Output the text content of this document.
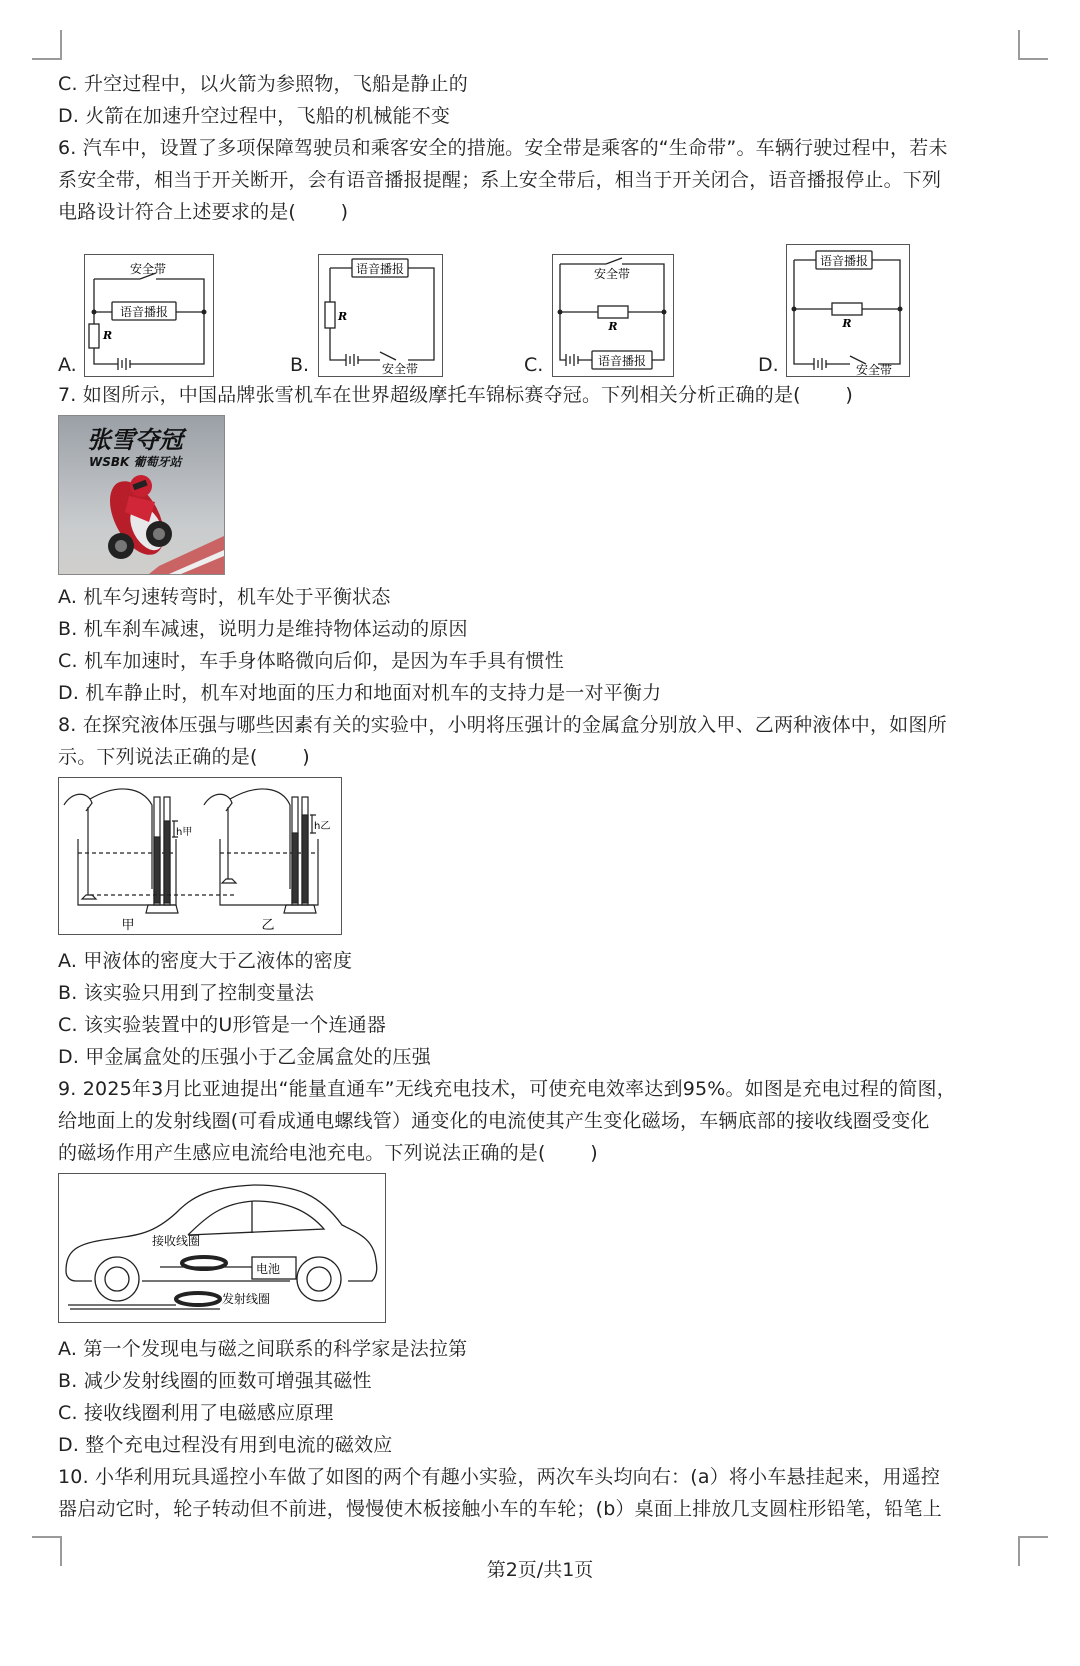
C. 升空过程中，以火箭为参照物，飞船是静止的
D. 火箭在加速升空过程中，飞船的机械能不变
6. 汽车中，设置了多项保障驾驶员和乘客安全的措施。安全带是乘客的“生命带”。车辆行驶过程中，若未
系安全带，相当于开关断开，会有语音播报提醒；系上安全带后，相当于开关闭合，语音播报停止。下列
电路设计符合上述要求的是(　　 )
A.
安全带
语音播报
R
B.
语音播报
R
安全带	C.
安全带
R
语音播报	D.
语音播报
R
安全带
7. 如图所示，中国品牌张雪机车在世界超级摩托车锦标赛夺冠。下列相关分析正确的是(　　 )
张雪夺冠
WSBK 葡萄牙站
A. 机车匀速转弯时，机车处于平衡状态
B. 机车刹车减速，说明力是维持物体运动的原因
C. 机车加速时，车手身体略微向后仰，是因为车手具有惯性
D. 机车静止时，机车对地面的压力和地面对机车的支持力是一对平衡力
8. 在探究液体压强与哪些因素有关的实验中，小明将压强计的金属盒分别放入甲、乙两种液体中，如图所
示。下列说法正确的是(　　 )
h甲
h乙
甲	乙
A. 甲液体的密度大于乙液体的密度
B. 该实验只用到了控制变量法
C. 该实验装置中的U形管是一个连通器
D. 甲金属盒处的压强小于乙金属盒处的压强
9. 2025年3月比亚迪提出“能量直通车”无线充电技术，可使充电效率达到95%。如图是充电过程的简图，
给地面上的发射线圈(可看成通电螺线管）通变化的电流使其产生变化磁场，车辆底部的接收线圈受变化
的磁场作用产生感应电流给电池充电。下列说法正确的是(　　 )
接收线圈
电池
发射线圈
A. 第一个发现电与磁之间联系的科学家是法拉第
B. 减少发射线圈的匝数可增强其磁性
C. 接收线圈利用了电磁感应原理
D. 整个充电过程没有用到电流的磁效应
10. 小华利用玩具遥控小车做了如图的两个有趣小实验，两次车头均向右：(a）将小车悬挂起来，用遥控
器启动它时，轮子转动但不前进，慢慢使木板接触小车的车轮；(b）桌面上排放几支圆柱形铅笔，铅笔上
第2页/共1页
